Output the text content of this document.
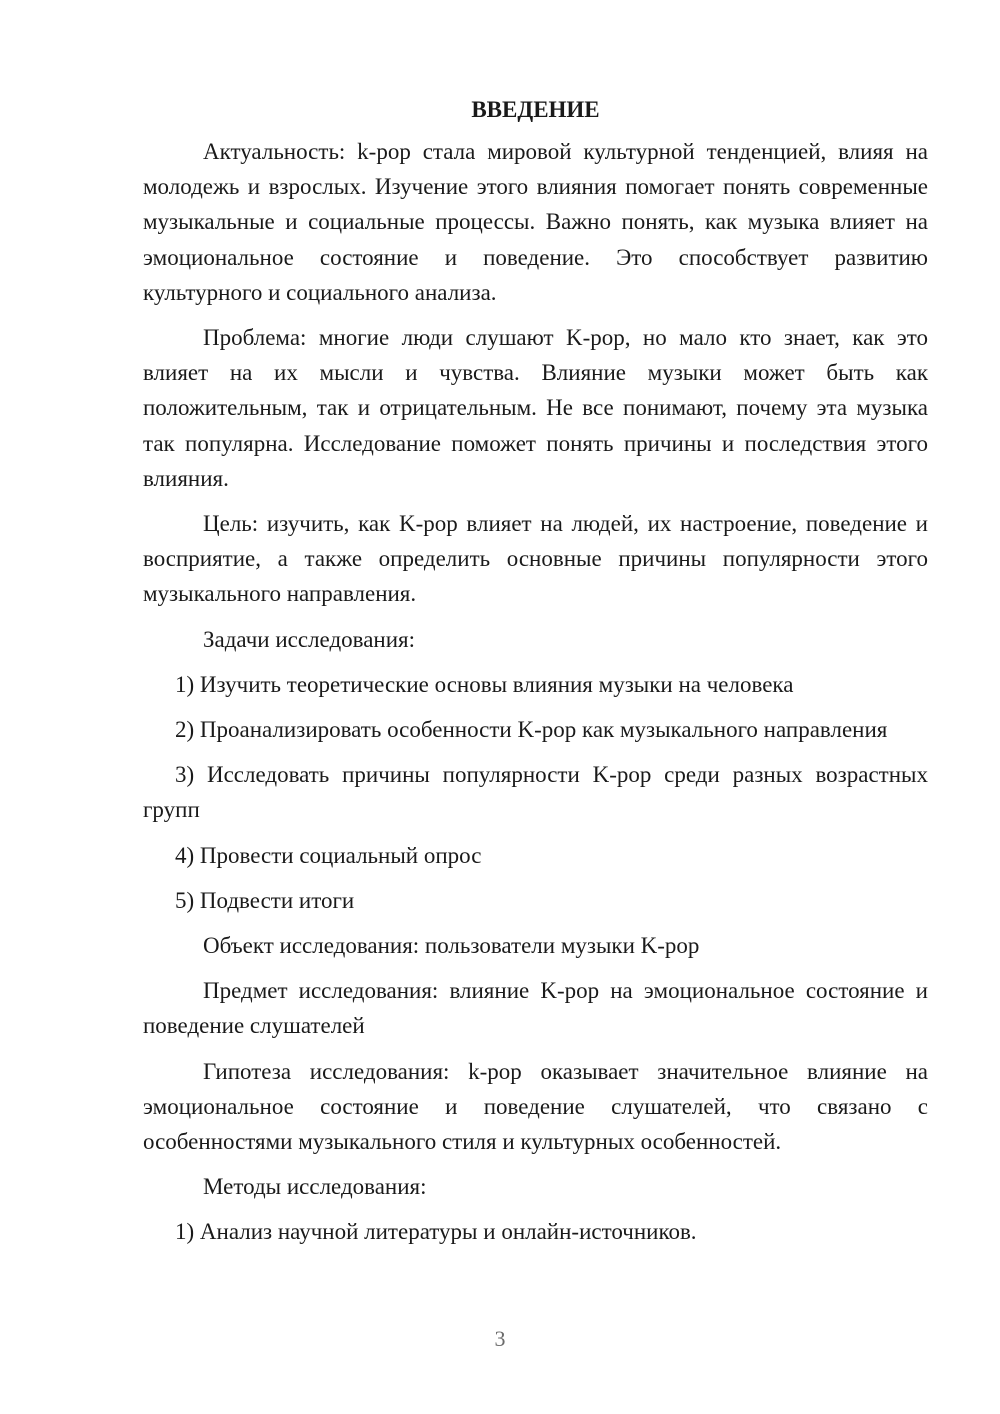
ВВЕДЕНИЕ

Актуальность: k-pop стала мировой культурной тенденцией, влияя на молодежь и взрослых. Изучение этого влияния помогает понять современные музыкальные и социальные процессы. Важно понять, как музыка влияет на эмоциональное состояние и поведение. Это способствует развитию культурного и социального анализа.

Проблема: многие люди слушают K-pop, но мало кто знает, как это влияет на их мысли и чувства. Влияние музыки может быть как положительным, так и отрицательным. Не все понимают, почему эта музыка так популярна. Исследование поможет понять причины и последствия этого влияния.

Цель: изучить, как K-pop влияет на людей, их настроение, поведение и восприятие, а также определить основные причины популярности этого музыкального направления.

Задачи исследования:

1) Изучить теоретические основы влияния музыки на человека

2) Проанализировать особенности K-pop как музыкального направления

3) Исследовать причины популярности K-pop среди разных возрастных групп

4) Провести социальный опрос

5) Подвести итоги

Объект исследования: пользователи музыки K-pop

Предмет исследования: влияние K-pop на эмоциональное состояние и поведение слушателей

Гипотеза исследования: k-pop оказывает значительное влияние на эмоциональное состояние и поведение слушателей, что связано с особенностями музыкального стиля и культурных особенностей.

Методы исследования:

1) Анализ научной литературы и онлайн-источников.

3
